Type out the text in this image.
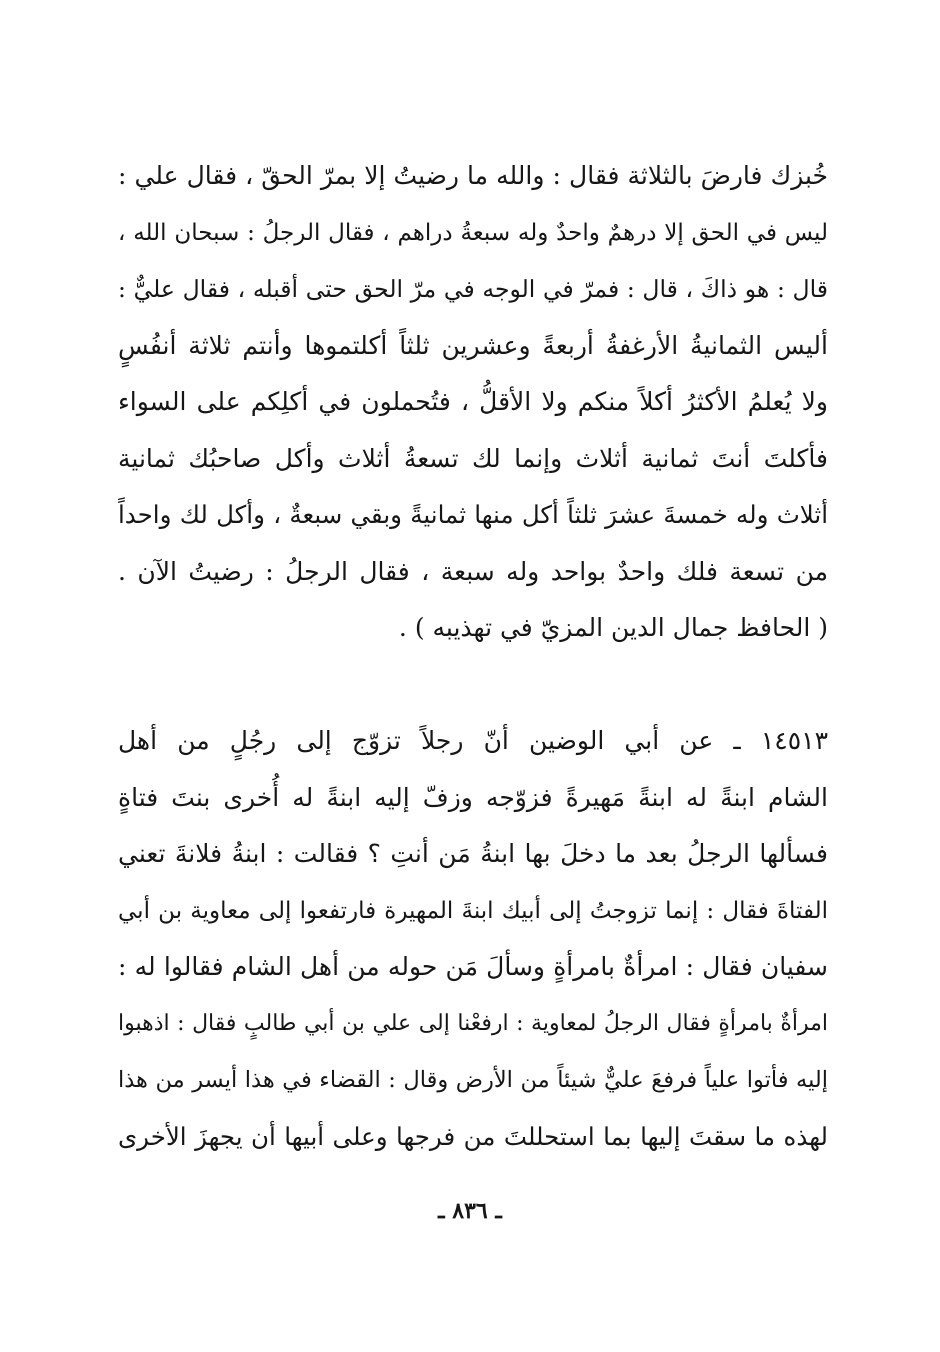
خُبزك فارضَ بالثلاثة فقال : والله ما رضيتُ إلا بمرّ الحقّ ، فقال علي :
ليس في الحق إلا درهمٌ واحدٌ وله سبعةُ دراهم ، فقال الرجلُ : سبحان الله ،
قال : هو ذاكَ ، قال : فمرّ في الوجه في مرّ الحق حتى أقبله ، فقال عليٌّ :
أليس الثمانيةُ الأرغفةُ أربعةً وعشرين ثلثاً أكلتموها وأنتم ثلاثة أنفُسٍ
ولا يُعلمُ الأكثرُ أكلاً منكم ولا الأقلُّ ، فتُحملون في أكلِكم على السواء
فأكلتَ أنتَ ثمانية أثلاث وإنما لك تسعةُ أثلاث وأكل صاحبُك ثمانية
أثلاث وله خمسةَ عشرَ ثلثاً أكل منها ثمانيةً وبقي سبعةٌ ، وأكل لك واحداً
من تسعة فلك واحدٌ بواحد وله سبعة ، فقال الرجلُ : رضيتُ الآن .
( الحافظ جمال الدين المزيّ في تهذيبه ) .
١٤٥١٣ ـ عن أبي الوضين أنّ رجلاً تزوّج إلى رجُلٍ من أهل
الشام ابنةً له ابنةً مَهيرةً فزوّجه وزفّ إليه ابنةً له أُخرى بنتَ فتاةٍ
فسألها الرجلُ بعد ما دخلَ بها ابنةُ مَن أنتِ ؟ فقالت : ابنةُ فلانةَ تعني
الفتاةَ فقال : إنما تزوجتُ إلى أبيك ابنةَ المهيرة فارتفعوا إلى معاوية بن أبي
سفيان فقال : امرأةٌ بامرأةٍ وسألَ مَن حوله من أهل الشام فقالوا له :
امرأةٌ بامرأةٍ فقال الرجلُ لمعاوية : ارفعْنا إلى علي بن أبي طالبٍ فقال : اذهبوا
إليه فأتوا علياً فرفعَ عليٌّ شيئاً من الأرض وقال : القضاء في هذا أيسر من هذا
لهذه ما سقتَ إليها بما استحللتَ من فرجها وعلى أبيها أن يجهزَ الأخرى
ـ ٨٣٦ ـ
